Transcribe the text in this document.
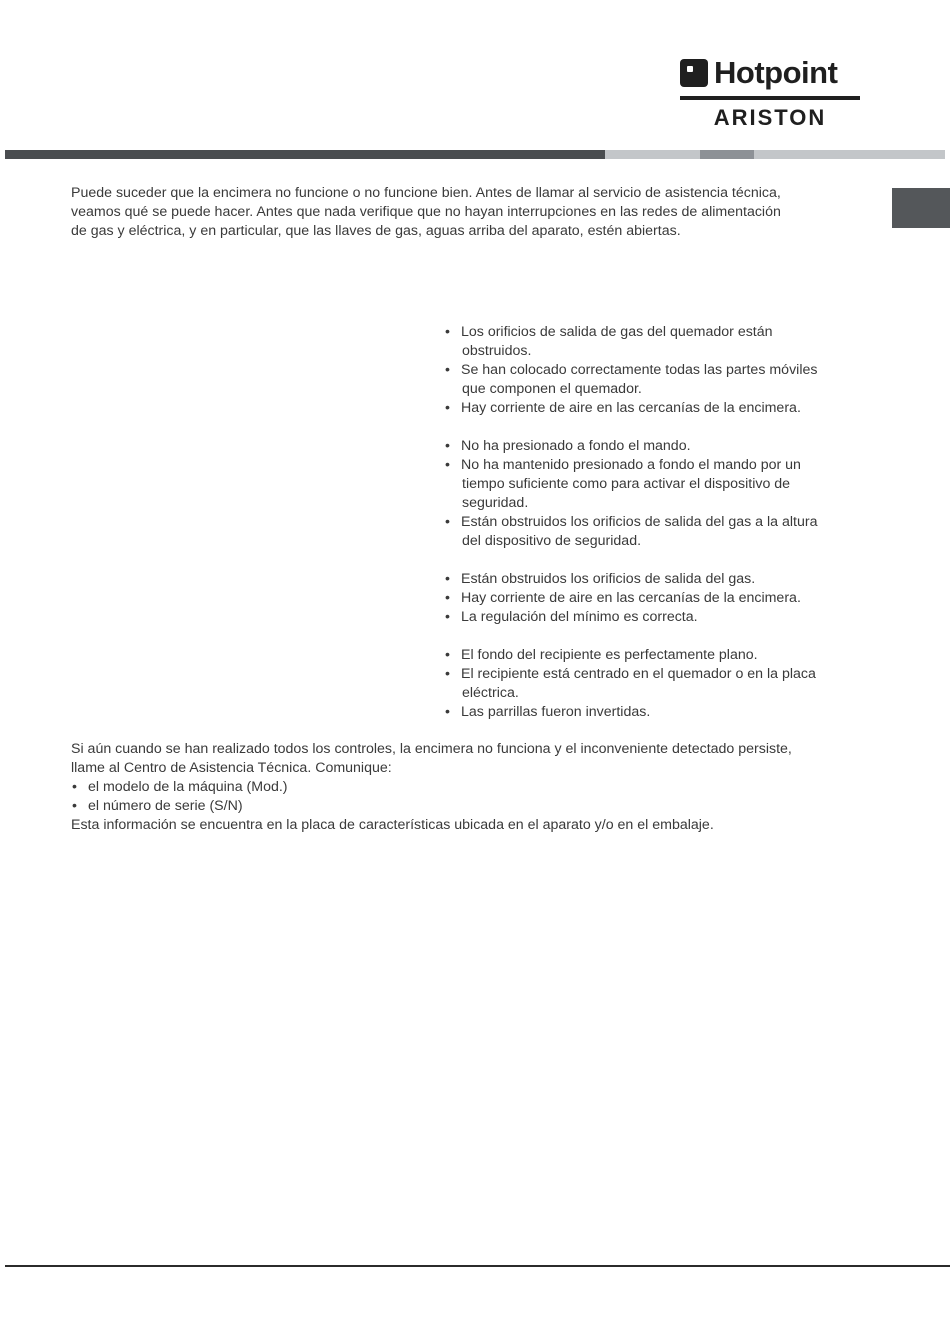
Hotpoint
ARISTON

Puede suceder que la encimera no funcione o no funcione bien. Antes de llamar al servicio de asistencia técnica,
veamos qué se puede hacer. Antes que nada verifique que no hayan interrupciones en las redes de alimentación
de gas y eléctrica, y en particular, que las llaves de gas, aguas arriba del aparato, estén abiertas.

• Los orificios de salida de gas del quemador están
obstruidos.
• Se han colocado correctamente todas las partes móviles
que componen el quemador.
• Hay corriente de aire en las cercanías de la encimera.
• No ha presionado a fondo el mando.
• No ha mantenido presionado a fondo el mando por un
tiempo suficiente como para activar el dispositivo de
seguridad.
• Están obstruidos los orificios de salida del gas a la altura
del dispositivo de seguridad.
• Están obstruidos los orificios de salida del gas.
• Hay corriente de aire en las cercanías de la encimera.
• La regulación del mínimo es correcta.
• El fondo del recipiente es perfectamente plano.
• El recipiente está centrado en el quemador o en la placa
eléctrica.
• Las parrillas fueron invertidas.

Si aún cuando se han realizado todos los controles, la encimera no funciona y el inconveniente detectado persiste,
llame al Centro de Asistencia Técnica. Comunique:

• el modelo de la máquina (Mod.)
• el número de serie (S/N)

Esta información se encuentra en la placa de características ubicada en el aparato y/o en el embalaje.
